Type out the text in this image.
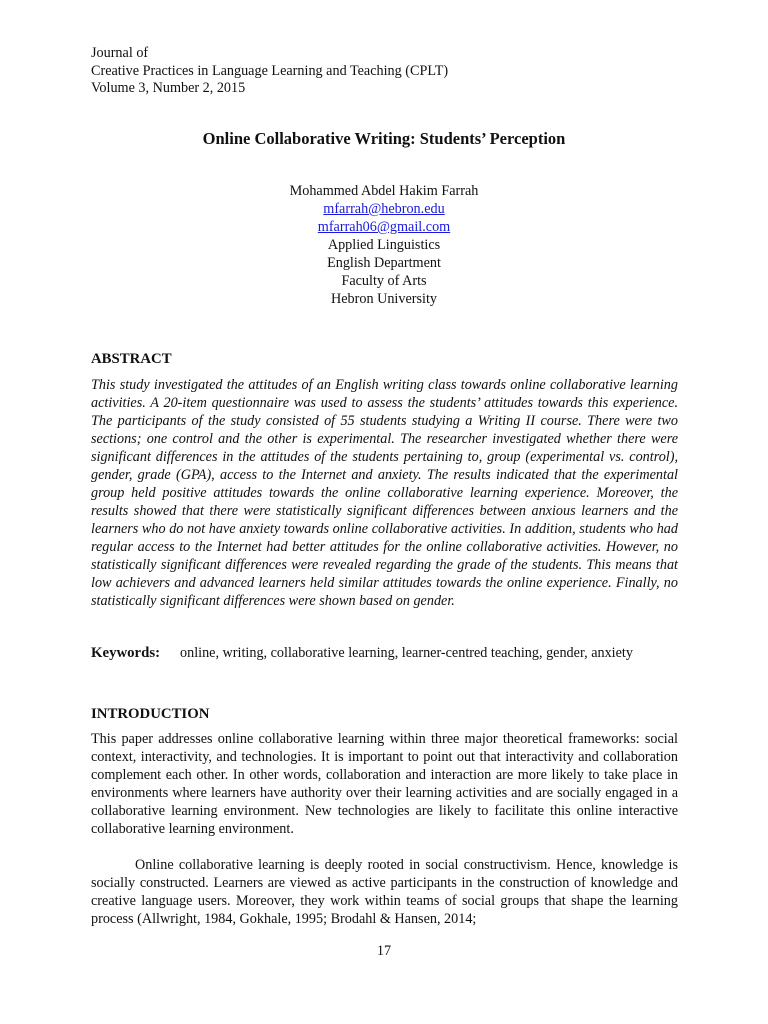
Journal of
Creative Practices in Language Learning and Teaching (CPLT)
Volume 3, Number 2, 2015
Online Collaborative Writing: Students’ Perception
Mohammed Abdel Hakim Farrah
mfarrah@hebron.edu
mfarrah06@gmail.com
Applied Linguistics
English Department
Faculty of Arts
Hebron University
ABSTRACT

This study investigated the attitudes of an English writing class towards online collaborative learning activities. A 20-item questionnaire was used to assess the students’ attitudes towards this experience. The participants of the study consisted of 55 students studying a Writing II course. There were two sections; one control and the other is experimental. The researcher investigated whether there were significant differences in the attitudes of the students pertaining to, group (experimental vs. control), gender, grade (GPA), access to the Internet and anxiety. The results indicated that the experimental group held positive attitudes towards the online collaborative learning experience. Moreover, the results showed that there were statistically significant differences between anxious learners and the learners who do not have anxiety towards online collaborative activities. In addition, students who had regular access to the Internet had better attitudes for the online collaborative activities. However, no statistically significant differences were revealed regarding the grade of the students. This means that low achievers and advanced learners held similar attitudes towards the online experience. Finally, no statistically significant differences were shown based on gender.

Keywords: online, writing, collaborative learning, learner-centred teaching, gender, anxiety
INTRODUCTION

This paper addresses online collaborative learning within three major theoretical frameworks: social context, interactivity, and technologies. It is important to point out that interactivity and collaboration complement each other. In other words, collaboration and interaction are more likely to take place in environments where learners have authority over their learning activities and are socially engaged in a collaborative learning environment. New technologies are likely to facilitate this online interactive collaborative learning environment.

Online collaborative learning is deeply rooted in social constructivism. Hence, knowledge is socially constructed. Learners are viewed as active participants in the construction of knowledge and creative language users. Moreover, they work within teams of social groups that shape the learning process (Allwright, 1984, Gokhale, 1995; Brodahl & Hansen, 2014;

17
